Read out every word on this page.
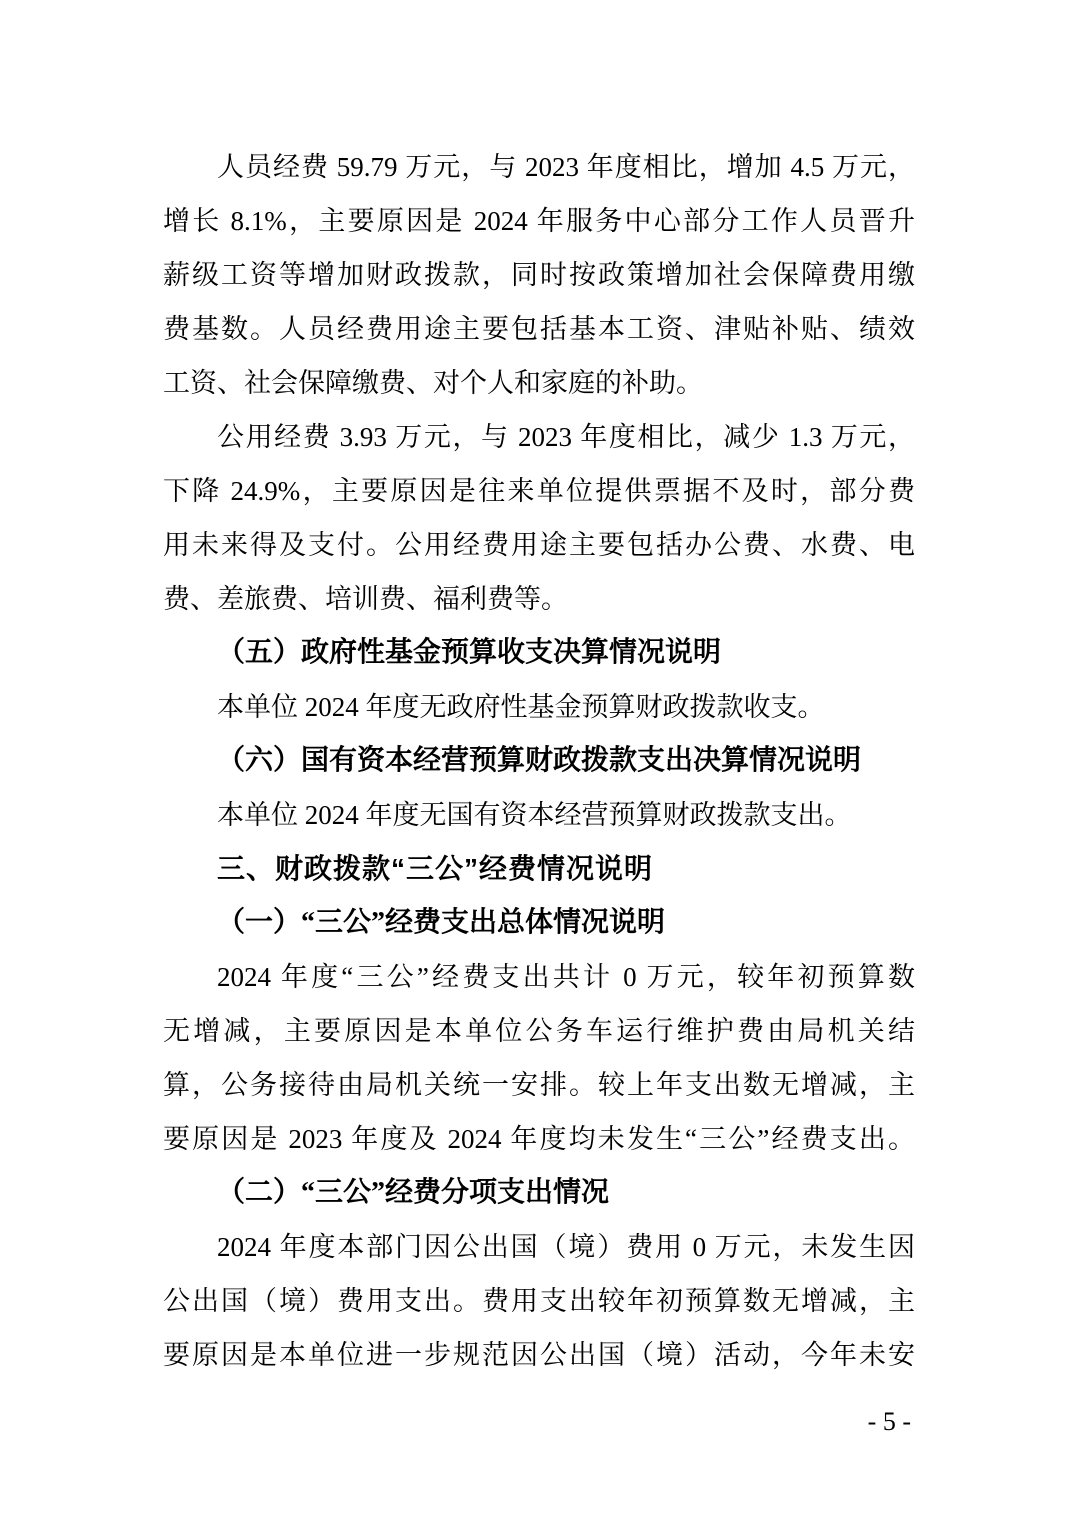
人员经费 59.79 万元，与 2023 年度相比，增加 4.5 万元，
增长 8.1%，主要原因是 2024 年服务中心部分工作人员晋升
薪级工资等增加财政拨款，同时按政策增加社会保障费用缴
费基数。人员经费用途主要包括基本工资、津贴补贴、绩效
工资、社会保障缴费、对个人和家庭的补助。
公用经费 3.93 万元，与 2023 年度相比，减少 1.3 万元，
下降 24.9%，主要原因是往来单位提供票据不及时，部分费
用未来得及支付。公用经费用途主要包括办公费、水费、电
费、差旅费、培训费、福利费等。
（五）政府性基金预算收支决算情况说明
本单位 2024 年度无政府性基金预算财政拨款收支。
（六）国有资本经营预算财政拨款支出决算情况说明
本单位 2024 年度无国有资本经营预算财政拨款支出。
三、财政拨款“三公”经费情况说明
（一）“三公”经费支出总体情况说明
2024 年度“三公”经费支出共计 0 万元，较年初预算数
无增减，主要原因是本单位公务车运行维护费由局机关结
算，公务接待由局机关统一安排。较上年支出数无增减，主
要原因是 2023 年度及 2024 年度均未发生“三公”经费支出。
（二）“三公”经费分项支出情况
2024 年度本部门因公出国（境）费用 0 万元，未发生因
公出国（境）费用支出。费用支出较年初预算数无增减，主
要原因是本单位进一步规范因公出国（境）活动，今年未安
- 5 -
